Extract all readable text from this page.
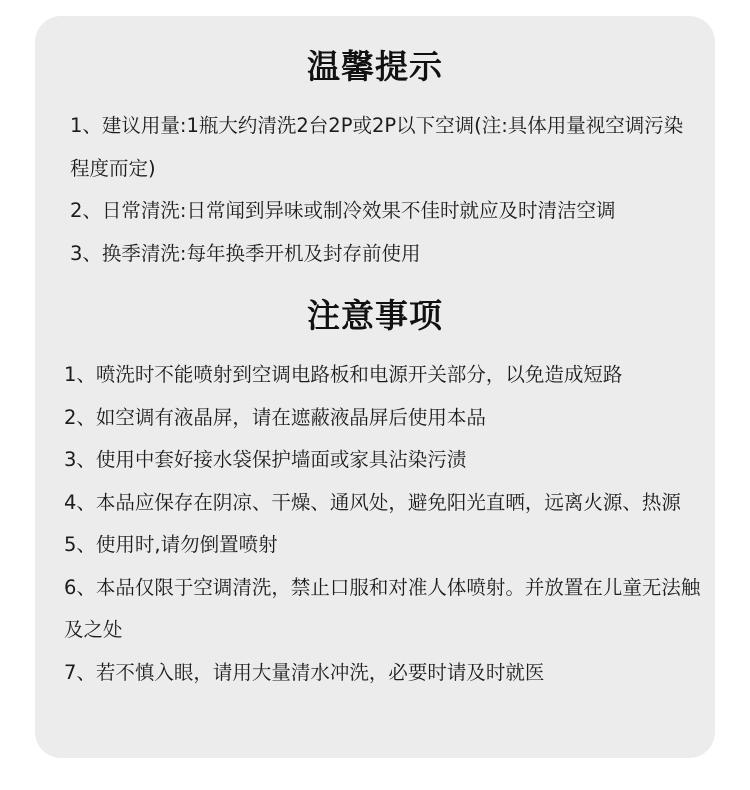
温馨提示
1、建议用量:1瓶大约清洗2台2P或2P以下空调(注:具体用量视空调污染程度而定)
2、日常清洗:日常闻到异味或制冷效果不佳时就应及时清洁空调
3、换季清洗:每年换季开机及封存前使用
注意事项
1、喷洗时不能喷射到空调电路板和电源开关部分，以免造成短路
2、如空调有液晶屏，请在遮蔽液晶屏后使用本品
3、使用中套好接水袋保护墙面或家具沾染污渍
4、本品应保存在阴凉、干燥、通风处，避免阳光直晒，远离火源、热源
5、使用时,请勿倒置喷射
6、本品仅限于空调清洗，禁止口服和对准人体喷射。并放置在儿童无法触及之处
7、若不慎入眼，请用大量清水冲洗，必要时请及时就医
